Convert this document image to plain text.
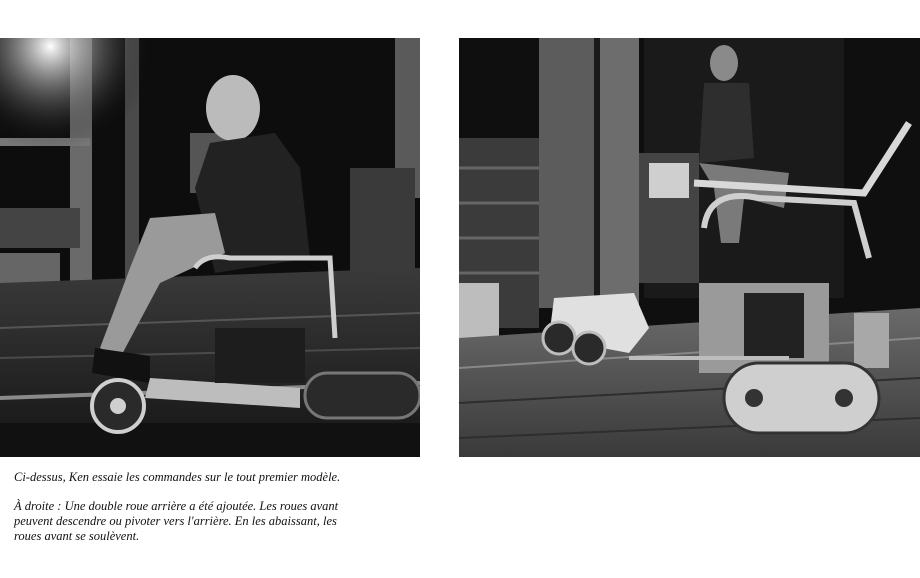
Ci-dessus, Ken essaie les commandes sur le tout premier modèle.

À droite : Une double roue arrière a été ajoutée. Les roues avant peuvent descendre ou pivoter vers l'arrière. En les abaissant, les roues avant se soulèvent.
